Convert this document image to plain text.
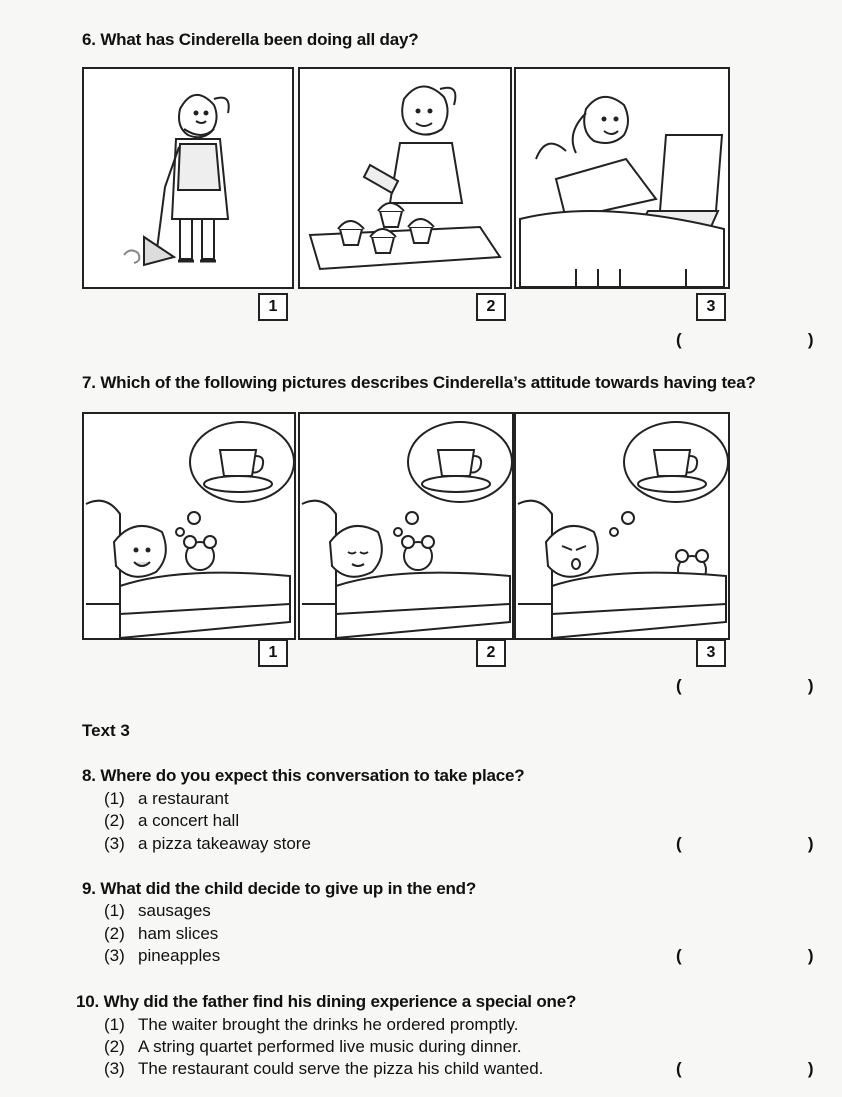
6. What has Cinderella been doing all day?
1	2	3
(   )
7. Which of the following pictures describes Cinderella’s attitude towards having tea?
1	2	3
(   )
Text 3
8. Where do you expect this conversation to take place?
(1) a restaurant
(2) a concert hall
(3) a pizza takeaway store	(   )
9. What did the child decide to give up in the end?
(1) sausages
(2) ham slices
(3) pineapples	(   )
10. Why did the father find his dining experience a special one?
(1) The waiter brought the drinks he ordered promptly.
(2) A string quartet performed live music during dinner.
(3) The restaurant could serve the pizza his child wanted.	(   )
